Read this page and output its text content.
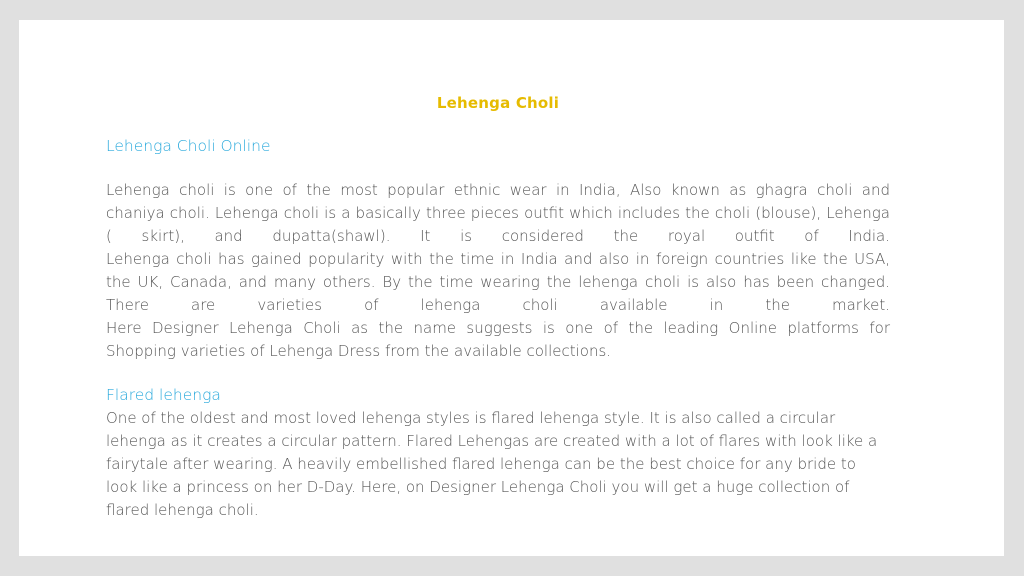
Lehenga Choli
Lehenga Choli Online
Lehenga choli is one of the most popular ethnic wear in India, Also known as ghagra choli and
chaniya choli. Lehenga choli is a basically three pieces outfit which includes the choli (blouse), Lehenga
( skirt), and dupatta(shawl). It is considered the royal outfit of India.
Lehenga choli has gained popularity with the time in India and also in foreign countries like the USA,
the UK, Canada, and many others. By the time wearing the lehenga choli is also has been changed.
There are varieties of lehenga choli available in the market.
Here Designer Lehenga Choli as the name suggests is one of the leading Online platforms for
Shopping varieties of Lehenga Dress from the available collections.
Flared lehenga
One of the oldest and most loved lehenga styles is flared lehenga style. It is also called a circular
lehenga as it creates a circular pattern. Flared Lehengas are created with a lot of flares with look like a
fairytale after wearing. A heavily embellished flared lehenga can be the best choice for any bride to
look like a princess on her D-Day. Here, on Designer Lehenga Choli you will get a huge collection of
flared lehenga choli.
